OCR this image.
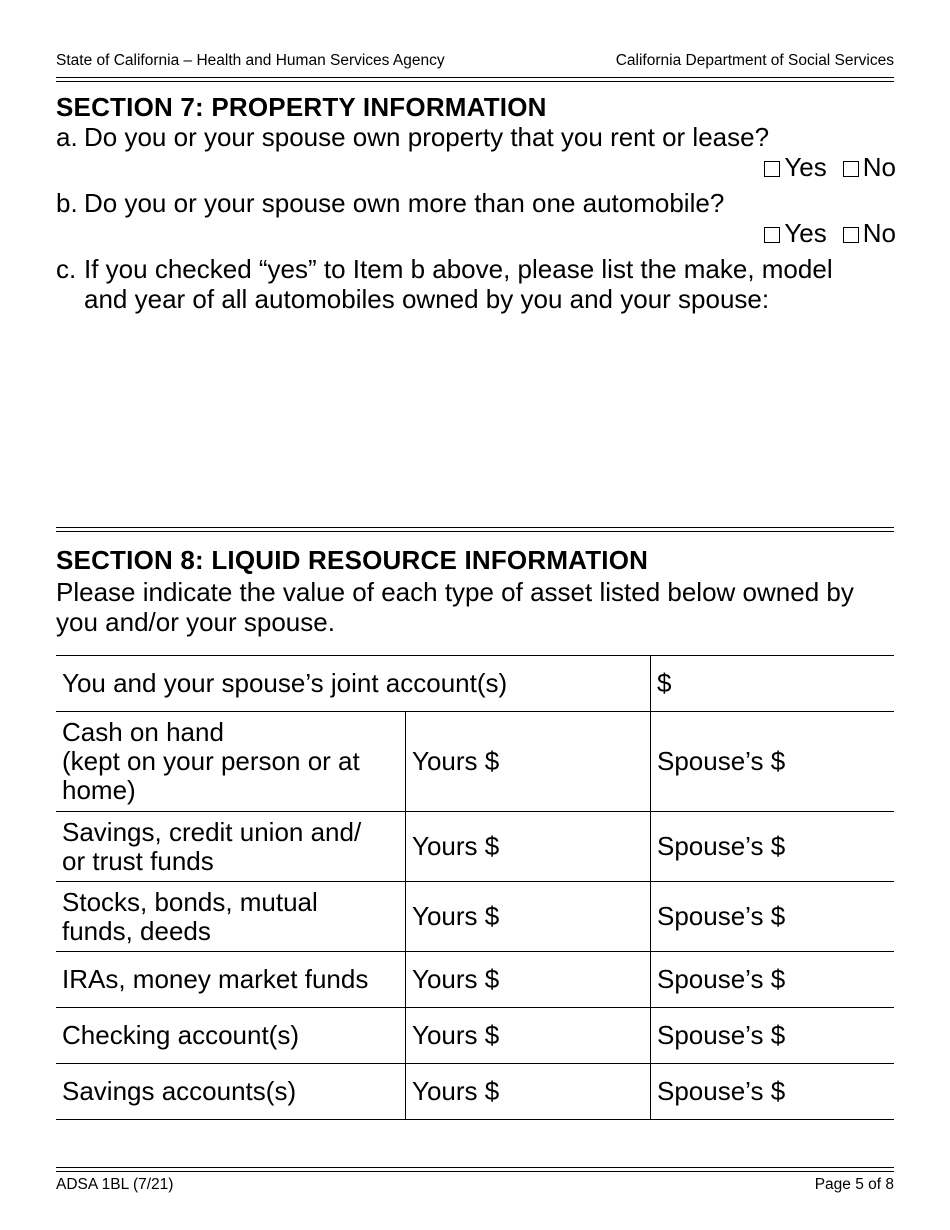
State of California – Health and Human Services Agency	California Department of Social Services
SECTION 7: PROPERTY INFORMATION
a. Do you or your spouse own property that you rent or lease?
Yes No
b. Do you or your spouse own more than one automobile?
Yes No
c. If you checked “yes” to Item b above, please list the make, model
and year of all automobiles owned by you and your spouse:
SECTION 8: LIQUID RESOURCE INFORMATION
Please indicate the value of each type of asset listed below owned by you and/or your spouse.
You and your spouse’s joint account(s)		$
Cash on hand
(kept on your person or at
home)	Yours $	Spouse’s $
Savings, credit union and/
or trust funds	Yours $	Spouse’s $
Stocks, bonds, mutual
funds, deeds	Yours $	Spouse’s $
IRAs, money market funds	Yours $	Spouse’s $
Checking account(s)	Yours $	Spouse’s $
Savings accounts(s)	Yours $	Spouse’s $
ADSA 1BL (7/21)	Page 5 of 8
